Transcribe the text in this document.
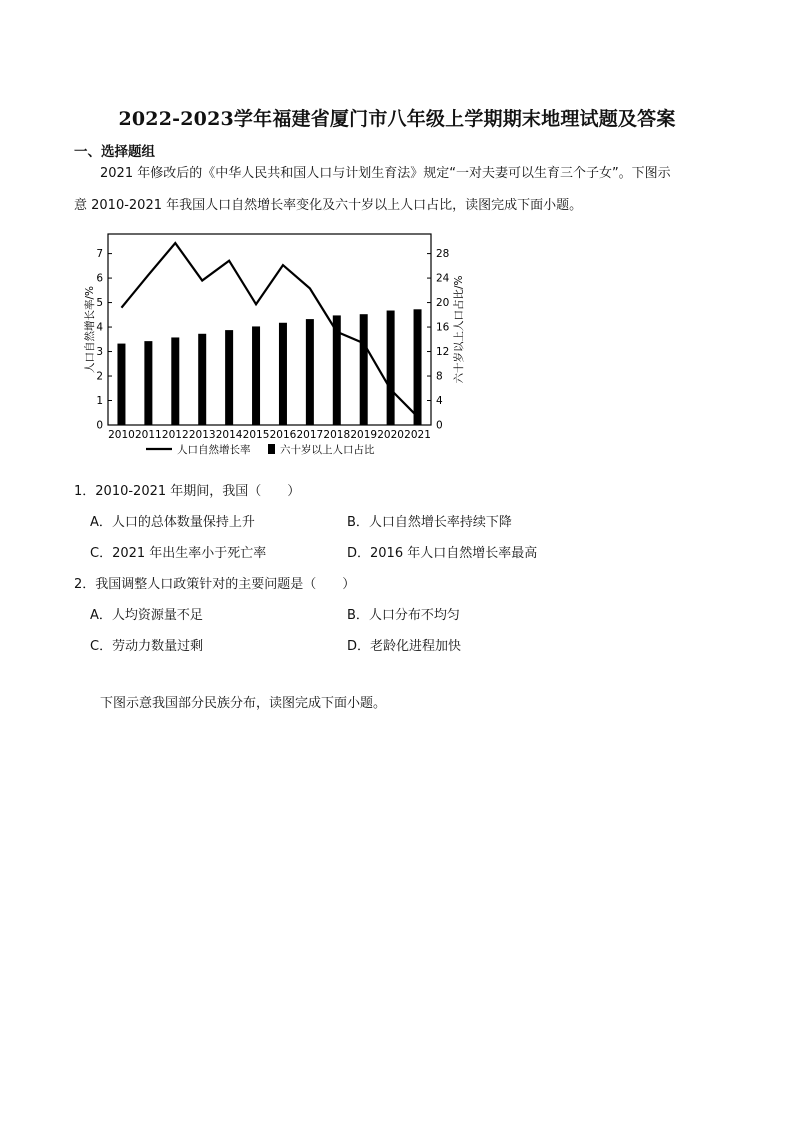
2022-2023学年福建省厦门市八年级上学期期末地理试题及答案
一、选择题组

2021 年修改后的《中华人民共和国人口与计划生育法》规定“一对夫妻可以生育三个子女”。下图示

意 2010-2021 年我国人口自然增长率变化及六十岁以上人口占比，读图完成下面小题。
0
1
2
3
4
5
6
7
0
4
8
12
16
20
24
28
人口自然增长率/%	六十岁以上人口占比/%
2010 2011 2012 2013 2014 2015 2016 2017 2018 2019 2020 2021
人口自然增长率	六十岁以上人口占比
1．2010-2021 年期间，我国（　　）
A．人口的总体数量保持上升	B．人口自然增长率持续下降
C．2021 年出生率小于死亡率	D．2016 年人口自然增长率最高
2．我国调整人口政策针对的主要问题是（　　）
A．人均资源量不足	B．人口分布不均匀
C．劳动力数量过剩	D．老龄化进程加快
下图示意我国部分民族分布，读图完成下面小题。
